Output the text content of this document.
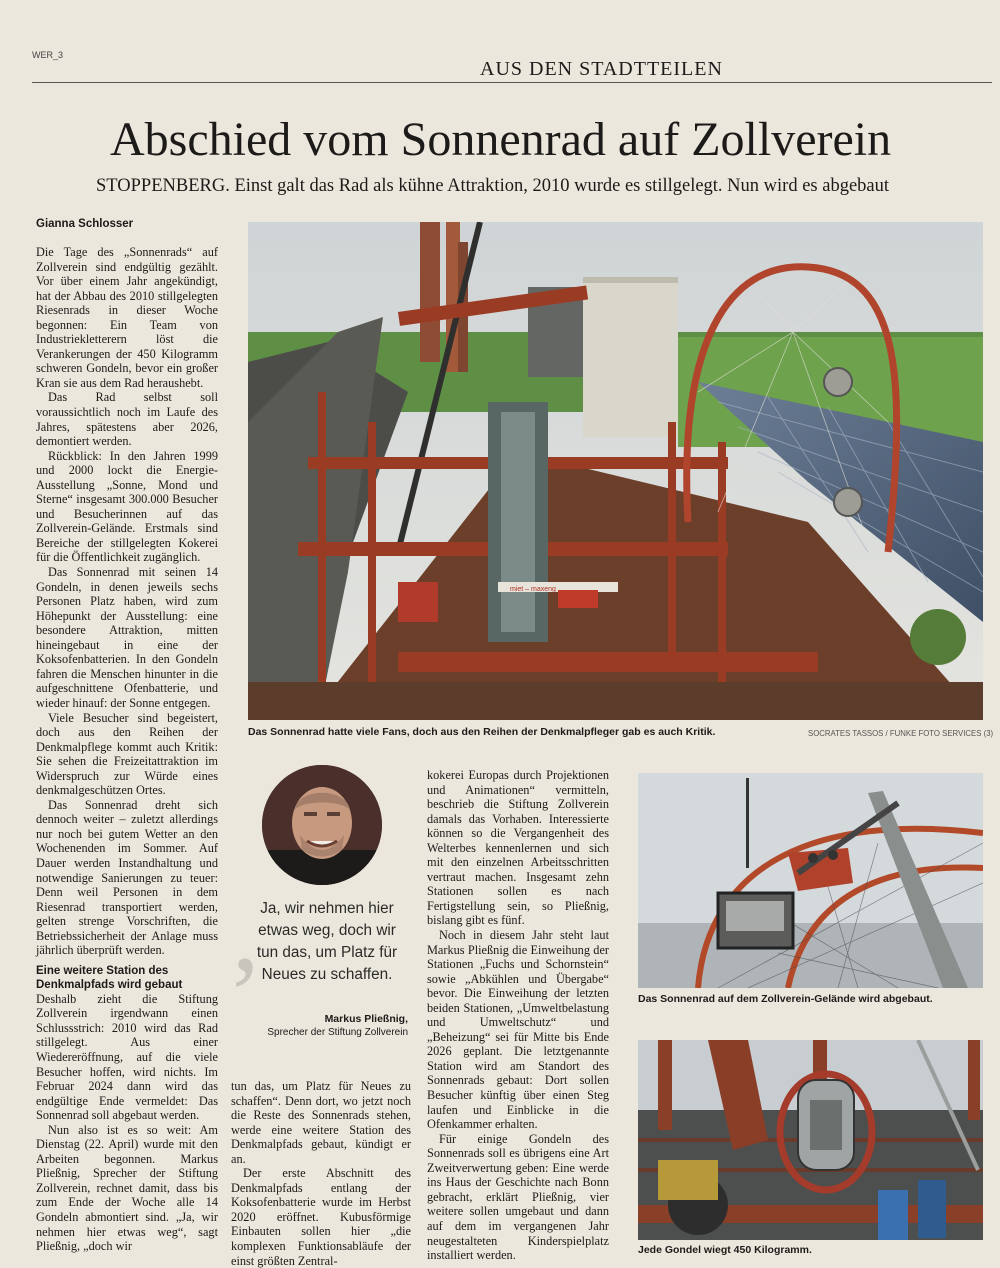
WER_3
AUS DEN STADTTEILEN
Abschied vom Sonnenrad auf Zollverein
STOPPENBERG. Einst galt das Rad als kühne Attraktion, 2010 wurde es stillgelegt. Nun wird es abgebaut
Gianna Schlosser

Die Tage des „Sonnenrads“ auf Zollverein sind endgültig gezählt. Vor über einem Jahr angekündigt, hat der Abbau des 2010 stillgelegten Riesenrads in dieser Woche begonnen: Ein Team von Industriekletterern löst die Verankerungen der 450 Kilogramm schweren Gondeln, bevor ein großer Kran sie aus dem Rad heraushebt.

Das Rad selbst soll voraussichtlich noch im Laufe des Jahres, spätestens aber 2026, demontiert werden.

Rückblick: In den Jahren 1999 und 2000 lockt die Energie-Ausstellung „Sonne, Mond und Sterne“ insgesamt 300.000 Besucher und Besucherinnen auf das Zollverein-Gelände. Erstmals sind Bereiche der stillgelegten Kokerei für die Öffentlichkeit zugänglich.

Das Sonnenrad mit seinen 14 Gondeln, in denen jeweils sechs Personen Platz haben, wird zum Höhepunkt der Ausstellung: eine besondere Attraktion, mitten hineingebaut in eine der Koksofenbatterien. In den Gondeln fahren die Menschen hinunter in die aufgeschnittene Ofenbatterie, und wieder hinauf: der Sonne entgegen.

Viele Besucher sind begeistert, doch aus den Reihen der Denkmalpflege kommt auch Kritik: Sie sehen die Freizeitattraktion im Widerspruch zur Würde eines denkmalgeschützen Ortes.

Das Sonnenrad dreht sich dennoch weiter – zuletzt allerdings nur noch bei gutem Wetter an den Wochenenden im Sommer. Auf Dauer werden Instandhaltung und notwendige Sanierungen zu teuer: Denn weil Personen in dem Riesenrad transportiert werden, gelten strenge Vorschriften, die Betriebssicherheit der Anlage muss jährlich überprüft werden.

Eine weitere Station des Denkmalpfads wird gebaut

Deshalb zieht die Stiftung Zollverein irgendwann einen Schlussstrich: 2010 wird das Rad stillgelegt. Aus einer Wiedereröffnung, auf die viele Besucher hoffen, wird nichts. Im Februar 2024 dann wird das endgültige Ende vermeldet: Das Sonnenrad soll abgebaut werden.

Nun also ist es so weit: Am Dienstag (22. April) wurde mit den Arbeiten begonnen. Markus Pließnig, Sprecher der Stiftung Zollverein, rechnet damit, dass bis zum Ende der Woche alle 14 Gondeln abmontiert sind. „Ja, wir nehmen hier etwas weg“, sagt Pließnig, „doch wir

miet – maxeng
Das Sonnenrad hatte viele Fans, doch aus den Reihen der Denkmalpfleger gab es auch Kritik.	SOCRATES TASSOS / FUNKE FOTO SERVICES (3)
, Ja, wir nehmen hier etwas weg, doch wir tun das, um Platz für Neues zu schaffen.
Markus Pließnig,
Sprecher der Stiftung Zollverein

tun das, um Platz für Neues zu schaffen“. Denn dort, wo jetzt noch die Reste des Sonnenrads stehen, werde eine weitere Station des Denkmalpfads gebaut, kündigt er an.

Der erste Abschnitt des Denkmalpfads entlang der Koksofenbatterie wurde im Herbst 2020 eröffnet. Kubusförmige Einbauten sollen hier „die komplexen Funktionsabläufe der einst größten Zentral-

kokerei Europas durch Projektionen und Animationen“ vermitteln, beschrieb die Stiftung Zollverein damals das Vorhaben. Interessierte können so die Vergangenheit des Welterbes kennenlernen und sich mit den einzelnen Arbeitsschritten vertraut machen. Insgesamt zehn Stationen sollen es nach Fertigstellung sein, so Pließnig, bislang gibt es fünf.

Noch in diesem Jahr steht laut Markus Pließnig die Einweihung der Stationen „Fuchs und Schornstein“ sowie „Abkühlen und Übergabe“ bevor. Die Einweihung der letzten beiden Stationen, „Umweltbelastung und Umweltschutz“ und „Beheizung“ sei für Mitte bis Ende 2026 geplant. Die letztgenannte Station wird am Standort des Sonnenrads gebaut: Dort sollen Besucher künftig über einen Steg laufen und Einblicke in die Ofenkammer erhalten.

Für einige Gondeln des Sonnenrads soll es übrigens eine Art Zweitverwertung geben: Eine werde ins Haus der Geschichte nach Bonn gebracht, erklärt Pließnig, vier weitere sollen umgebaut und dann auf dem im vergangenen Jahr neugestalteten Kinderspielplatz installiert werden.

Das Sonnenrad auf dem Zollverein-Gelände wird abgebaut.
Jede Gondel wiegt 450 Kilogramm.
